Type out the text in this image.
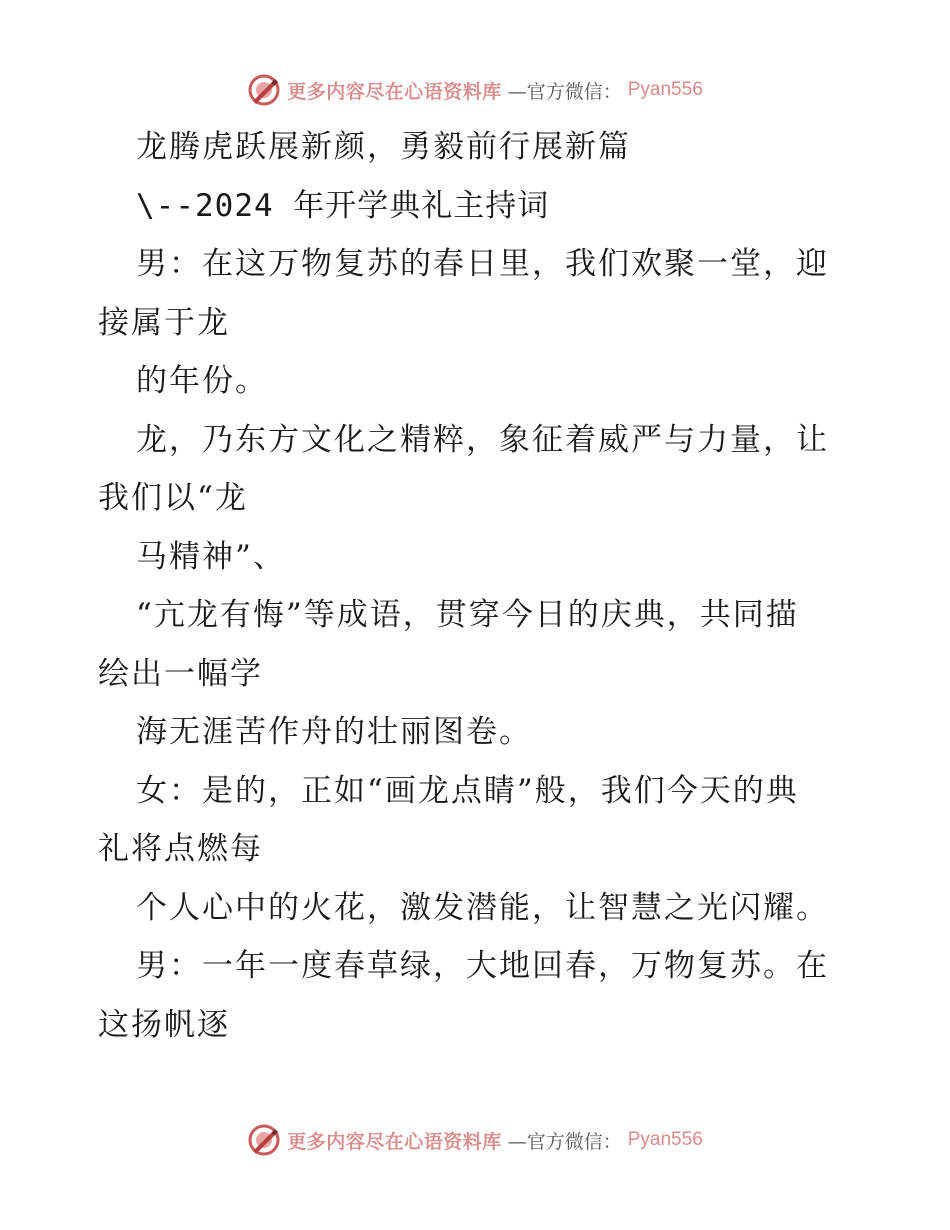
更多内容尽在心语资料库 —官方微信： Pyan556
龙腾虎跃展新颜，勇毅前行展新篇
\--2024 年开学典礼主持词
男：在这万物复苏的春日里，我们欢聚一堂，迎
接属于龙
的年份。
龙，乃东方文化之精粹，象征着威严与力量，让
我们以“龙
马精神”、
“亢龙有悔”等成语，贯穿今日的庆典，共同描
绘出一幅学
海无涯苦作舟的壮丽图卷。
女：是的，正如“画龙点睛”般，我们今天的典
礼将点燃每
个人心中的火花，激发潜能，让智慧之光闪耀。
男：一年一度春草绿，大地回春，万物复苏。在
这扬帆逐
更多内容尽在心语资料库 —官方微信： Pyan556
